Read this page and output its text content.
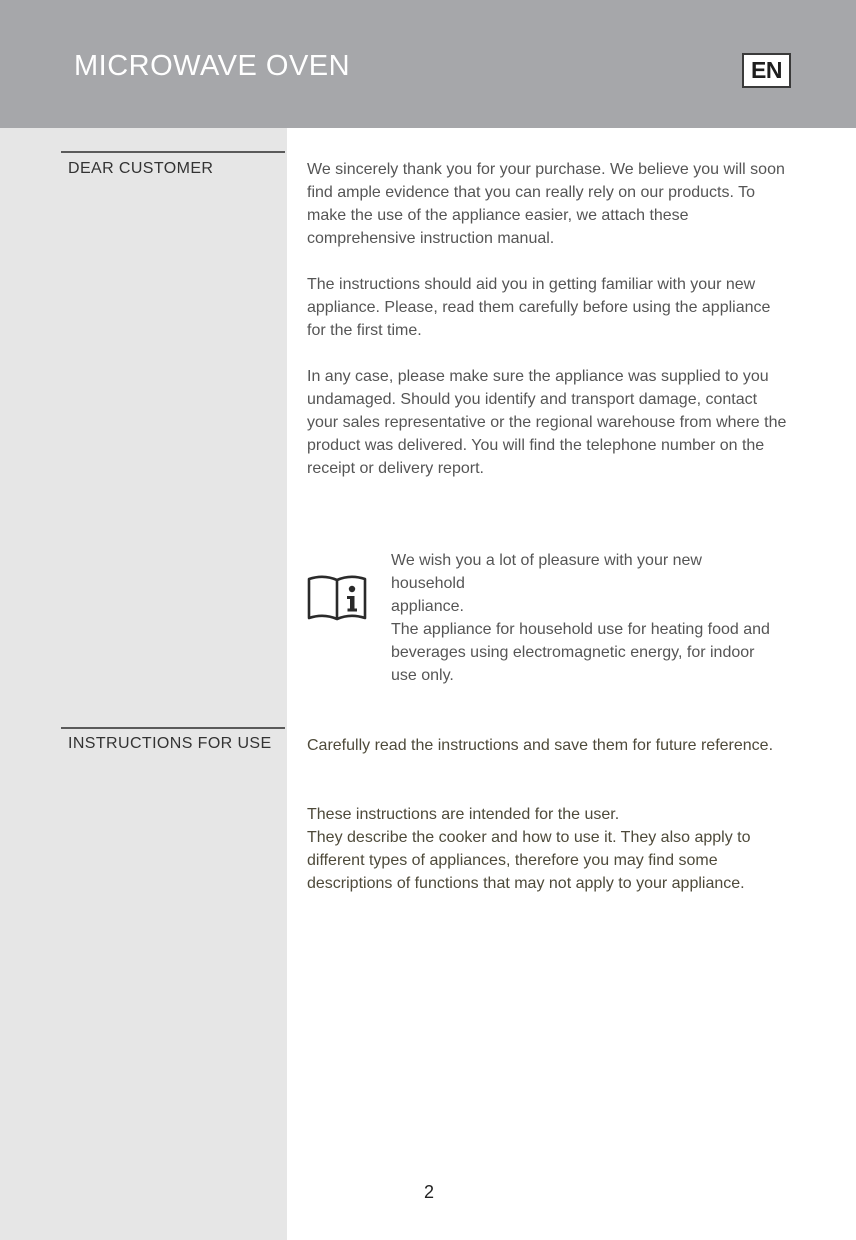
MICROWAVE OVEN	EN
DEAR CUSTOMER	We sincerely thank you for your purchase. We believe you will soon find ample evidence that you can really rely on our products. To make the use of the appliance easier, we attach these comprehensive instruction manual.

The instructions should aid you in getting familiar with your new appliance. Please, read them carefully before using the appliance for the first time.

In any case, please make sure the appliance was supplied to you undamaged. Should you identify and transport damage, contact your sales representative or the regional warehouse from where the product was delivered. You will find the telephone number on the receipt or delivery report.

We wish you a lot of pleasure with your new household

appliance.

The appliance for household use for heating food and beverages using electromagnetic energy, for indoor use only.

INSTRUCTIONS FOR USE	Carefully read the instructions and save them for future reference.

These instructions are intended for the user.

They describe the cooker and how to use it. They also apply to different types of appliances, therefore you may find some descriptions of functions that may not apply to your appliance.

2
